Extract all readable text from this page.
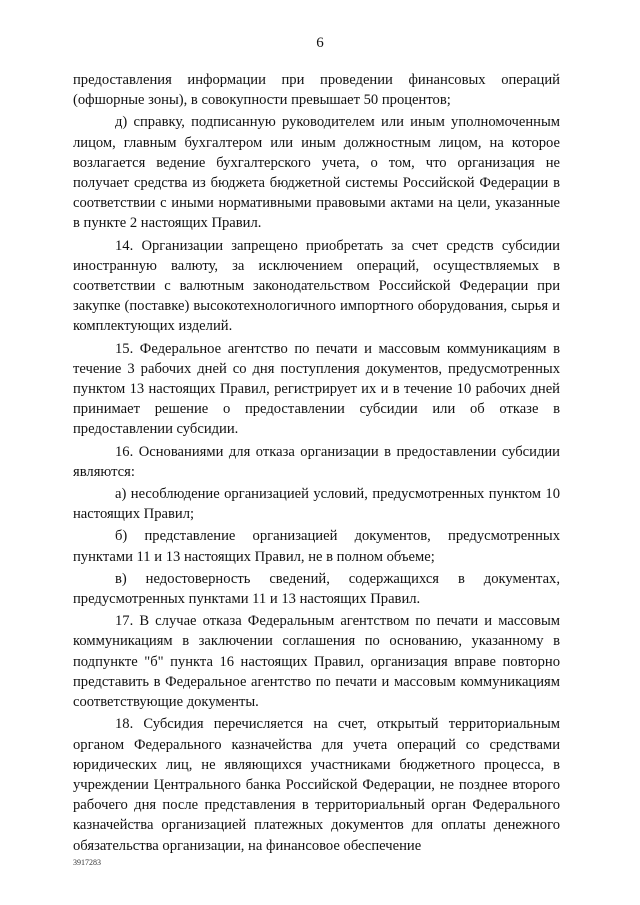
6

предоставления информации при проведении финансовых операций (офшорные зоны), в совокупности превышает 50 процентов;

д) справку, подписанную руководителем или иным уполномоченным лицом, главным бухгалтером или иным должностным лицом, на которое возлагается ведение бухгалтерского учета, о том, что организация не получает средства из бюджета бюджетной системы Российской Федерации в соответствии с иными нормативными правовыми актами на цели, указанные в пункте 2 настоящих Правил.

14. Организации запрещено приобретать за счет средств субсидии иностранную валюту, за исключением операций, осуществляемых в соответствии с валютным законодательством Российской Федерации при закупке (поставке) высокотехнологичного импортного оборудования, сырья и комплектующих изделий.

15. Федеральное агентство по печати и массовым коммуникациям в течение 3 рабочих дней со дня поступления документов, предусмотренных пунктом 13 настоящих Правил, регистрирует их и в течение 10 рабочих дней принимает решение о предоставлении субсидии или об отказе в предоставлении субсидии.

16. Основаниями для отказа организации в предоставлении субсидии являются:

а) несоблюдение организацией условий, предусмотренных пунктом 10 настоящих Правил;

б) представление организацией документов, предусмотренных пунктами 11 и 13 настоящих Правил, не в полном объеме;

в) недостоверность сведений, содержащихся в документах, предусмотренных пунктами 11 и 13 настоящих Правил.

17. В случае отказа Федеральным агентством по печати и массовым коммуникациям в заключении соглашения по основанию, указанному в подпункте "б" пункта 16 настоящих Правил, организация вправе повторно представить в Федеральное агентство по печати и массовым коммуникациям соответствующие документы.

18. Субсидия перечисляется на счет, открытый территориальным органом Федерального казначейства для учета операций со средствами юридических лиц, не являющихся участниками бюджетного процесса, в учреждении Центрального банка Российской Федерации, не позднее второго рабочего дня после представления в территориальный орган Федерального казначейства организацией платежных документов для оплаты денежного обязательства организации, на финансовое обеспечение

3917283
